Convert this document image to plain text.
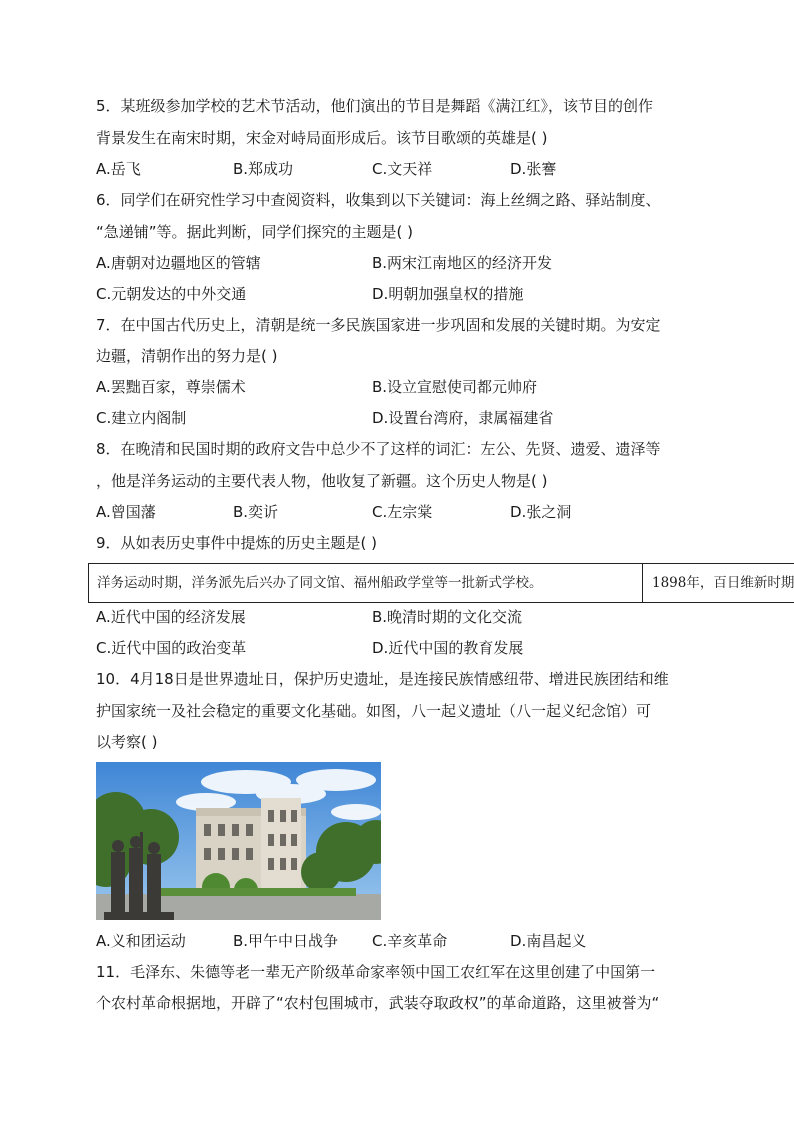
5．某班级参加学校的艺术节活动，他们演出的节目是舞蹈《满江红》，该节目的创作
背景发生在南宋时期，宋金对峙局面形成后。该节目歌颂的英雄是( )
A.岳飞	B.郑成功	C.文天祥	D.张謇
6．同学们在研究性学习中查阅资料，收集到以下关键词：海上丝绸之路、驿站制度、
“急递铺”等。据此判断，同学们探究的主题是( )
A.唐朝对边疆地区的管辖	B.两宋江南地区的经济开发
C.元朝发达的中外交通	D.明朝加强皇权的措施
7．在中国古代历史上，清朝是统一多民族国家进一步巩固和发展的关键时期。为安定
边疆，清朝作出的努力是( )
A.罢黜百家，尊崇儒术	B.设立宣慰使司都元帅府
C.建立内阁制	D.设置台湾府，隶属福建省
8．在晚清和民国时期的政府文告中总少不了这样的词汇：左公、先贤、遗爱、遗泽等
，他是洋务运动的主要代表人物，他收复了新疆。这个历史人物是( )
A.曾国藩	B.奕䜣	C.左宗棠	D.张之洞
9．从如表历史事件中提炼的历史主题是( )
洋务运动时期，洋务派先后兴办了同文馆、福州船政学堂等一批新式学校。	1898年，百日维新时期
A.近代中国的经济发展	B.晚清时期的文化交流
C.近代中国的政治变革	D.近代中国的教育发展
10．4月18日是世界遗址日，保护历史遗址，是连接民族情感纽带、增进民族团结和维
护国家统一及社会稳定的重要文化基础。如图，八一起义遗址（八一起义纪念馆）可
以考察( )
A.义和团运动	B.甲午中日战争 C.辛亥革命	D.南昌起义
11．毛泽东、朱德等老一辈无产阶级革命家率领中国工农红军在这里创建了中国第一
个农村革命根据地，开辟了“农村包围城市，武装夺取政权”的革命道路，这里被誉为“
